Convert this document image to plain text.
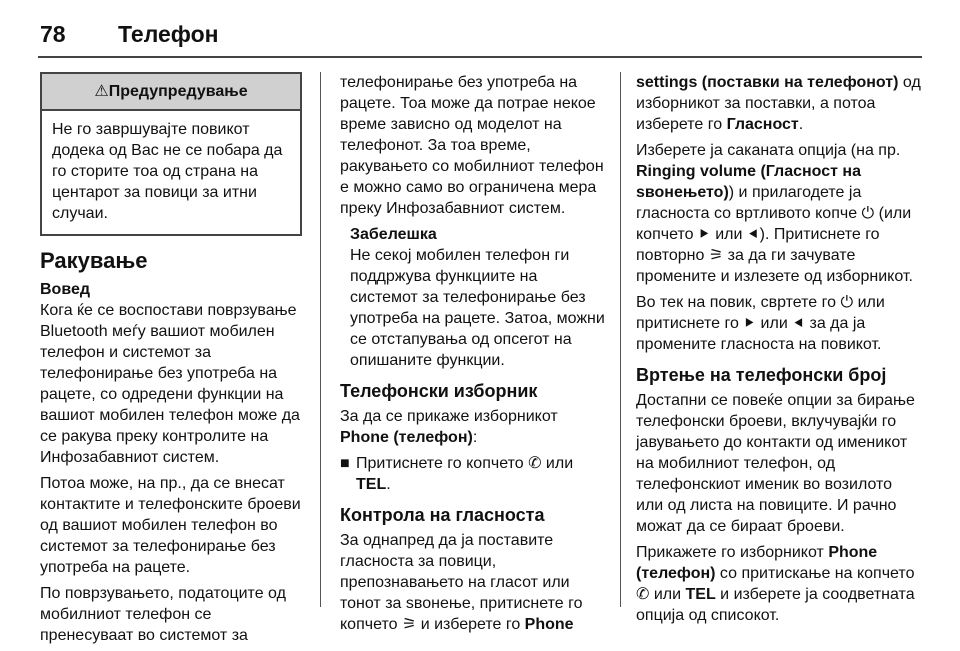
78	Телефон
⚠Предупредување
Не го завршувајте повикот додека од Вас не се побара да го сторите тоа од страна на центарот за повици за итни случаи.
Ракување
Вовед

Кога ќе се воспостави поврзување Bluetooth меѓу вашиот мобилен телефон и системот за телефонирање без употреба на рацете, со одредени функции на вашиот мобилен телефон може да се ракува преку контролите на Инфозабавниот систем.

Потоа може, на пр., да се внесат контактите и телефонските броеви од вашиот мобилен телефон во системот за телефонирање без употреба на рацете.

По поврзувањето, податоците од мобилниот телефон се пренесуваат во системот за

телефонирање без употреба на рацете. Тоа може да потрае некое време зависно од моделот на телефонот. За тоа време, ракувањето со мобилниот телефон е можно само во ограничена мера преку Инфозабавниот систем.

Забелешка
Не секој мобилен телефон ги поддржува функциите на системот за телефонирање без употреба на рацете. Затоа, можни се отстапувања од опсегот на опишаните функции.
Телефонски изборник

За да се прикаже изборникот Phone (телефон):

■ Притиснете го копчето ✆ или TEL.
Контрола на гласноста

За однапред да ја поставите гласноста за повици, препознавањето на гласот или тонот за ѕвонење, притиснете го копчето ⚞ и изберете го Phone

settings (поставки на телефонот) од изборникот за поставки, а потоа изберете го Гласност.

Изберете ја саканата опција (на пр. Ringing volume (Гласност на ѕвонењето)) и прилагодете ја гласноста со вртливото копче ⏻ (или копчето ⯈ или ⯇). Притиснете го повторно ⚞ за да ги зачувате промените и излезете од изборникот.

Во тек на повик, свртете го ⏻ или притиснете го ⯈ или ⯇ за да ја промените гласноста на повикот.

Вртење на телефонски број

Достапни се повеќе опции за бирање телефонски броеви, вклучувајќи го јавувањето до контакти од именикот на мобилниот телефон, од телефонскиот именик во возилото или од листа на повиците. И рачно можат да се бираат броеви.

Прикажете го изборникот Phone (телефон) со притискање на копчето ✆ или TEL и изберете ја соодветната опција од списокот.
